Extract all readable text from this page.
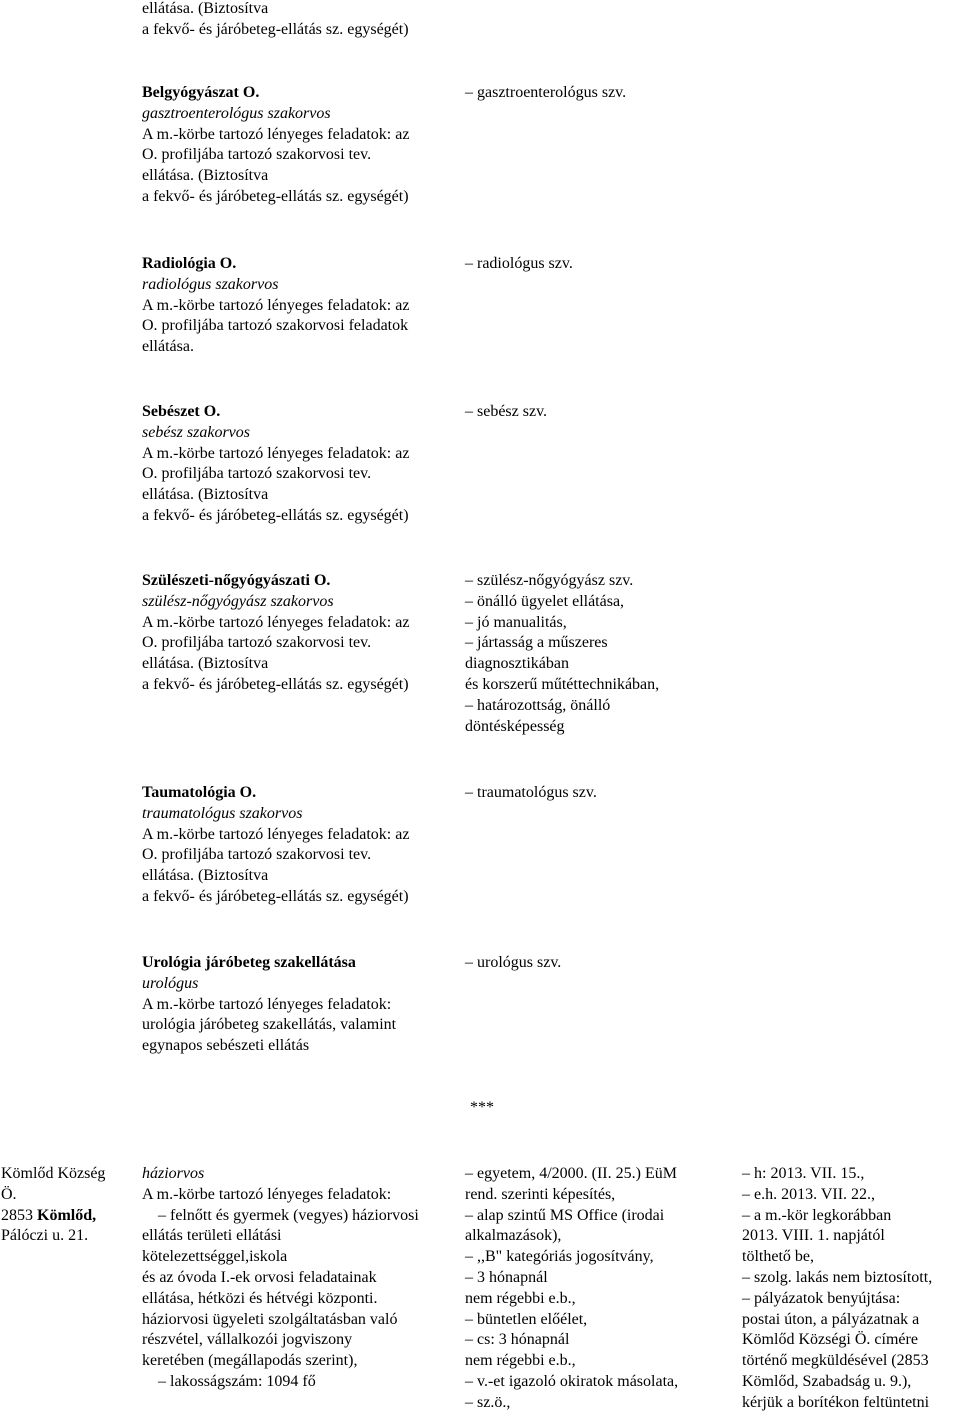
ellátása. (Biztosítva
a fekvő- és járóbeteg-ellátás sz. egységét)
Belgyógyászat O.
gasztroenterológus szakorvos
A m.-körbe tartozó lényeges feladatok: az
O. profiljába tartozó szakorvosi tev.
ellátása. (Biztosítva
a fekvő- és járóbeteg-ellátás sz. egységét)
– gasztroenterológus szv.
Radiológia O.
radiológus szakorvos
A m.-körbe tartozó lényeges feladatok: az
O. profiljába tartozó szakorvosi feladatok
ellátása.
– radiológus szv.
Sebészet O.
sebész szakorvos
A m.-körbe tartozó lényeges feladatok: az
O. profiljába tartozó szakorvosi tev.
ellátása. (Biztosítva
a fekvő- és járóbeteg-ellátás sz. egységét)
– sebész szv.
Szülészeti-nőgyógyászati O.
szülész-nőgyógyász szakorvos
A m.-körbe tartozó lényeges feladatok: az
O. profiljába tartozó szakorvosi tev.
ellátása. (Biztosítva
a fekvő- és járóbeteg-ellátás sz. egységét)
– szülész-nőgyógyász szv.
– önálló ügyelet ellátása,
– jó manualitás,
– jártasság a műszeres
diagnosztikában
és korszerű műtéttechnikában,
– határozottság, önálló
döntésképesség
Taumatológia O.
traumatológus szakorvos
A m.-körbe tartozó lényeges feladatok: az
O. profiljába tartozó szakorvosi tev.
ellátása. (Biztosítva
a fekvő- és járóbeteg-ellátás sz. egységét)
– traumatológus szv.
Urológia járóbeteg szakellátása
urológus
A m.-körbe tartozó lényeges feladatok:
urológia járóbeteg szakellátás, valamint
egynapos sebészeti ellátás
– urológus szv.
***
Kömlőd Község
Ö.
2853 Kömlőd,
Pálóczi u. 21.
háziorvos
A m.-körbe tartozó lényeges feladatok:
– felnőtt és gyermek (vegyes) háziorvosi
ellátás területi ellátási
kötelezettséggel,iskola
és az óvoda I.-ek orvosi feladatainak
ellátása, hétközi és hétvégi központi.
háziorvosi ügyeleti szolgáltatásban való
részvétel, vállalkozói jogviszony
keretében (megállapodás szerint),
– lakosságszám: 1094 fő
– egyetem, 4/2000. (II. 25.) EüM
rend. szerinti képesítés,
– alap szintű MS Office (irodai
alkalmazások),
– ,,B" kategóriás jogosítvány,
– 3 hónapnál
nem régebbi e.b.,
– büntetlen előélet,
– cs: 3 hónapnál
nem régebbi e.b.,
– v.-et igazoló okiratok másolata,
– sz.ö.,
– h: 2013. VII. 15.,
– e.h. 2013. VII. 22.,
– a m.-kör legkorábban
2013. VIII. 1. napjától
tölthető be,
– szolg. lakás nem biztosított,
– pályázatok benyújtása:
postai úton, a pályázatnak a
Kömlőd Községi Ö. címére
történő megküldésével (2853
Kömlőd, Szabadság u. 9.),
kérjük a borítékon feltüntetni
